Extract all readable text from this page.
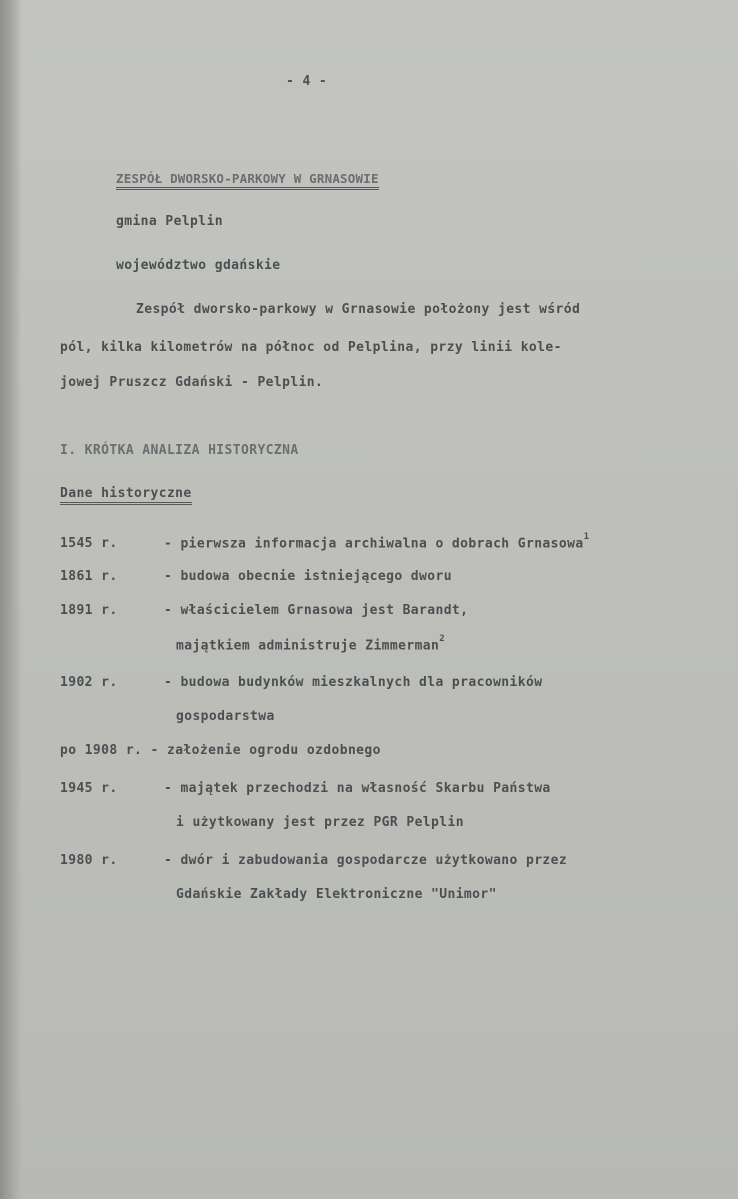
- 4 -
ZESPÓŁ DWORSKO-PARKOWY W GRNASOWIE
gmina Pelplin
województwo gdańskie
Zespół dworsko-parkowy w Grnasowie położony jest wśród
pól, kilka kilometrów na północ od Pelplina, przy linii kole-
jowej Pruszcz Gdański - Pelplin.
I. KRÓTKA ANALIZA HISTORYCZNA
Dane historyczne
1545 r.	- pierwsza informacja archiwalna o dobrach Grnasowa$^1$
1861 r.	- budowa obecnie istniejącego dworu
1891 r.	- właścicielem Grnasowa jest Barandt,
majątkiem administruje Zimmerman$^2$
1902 r.	- budowa budynków mieszkalnych dla pracowników
gospodarstwa
po 1908 r. - założenie ogrodu ozdobnego
1945 r.	- majątek przechodzi na własność Skarbu Państwa
i użytkowany jest przez PGR Pelplin
1980 r.	- dwór i zabudowania gospodarcze użytkowano przez
Gdańskie Zakłady Elektroniczne "Unimor"
